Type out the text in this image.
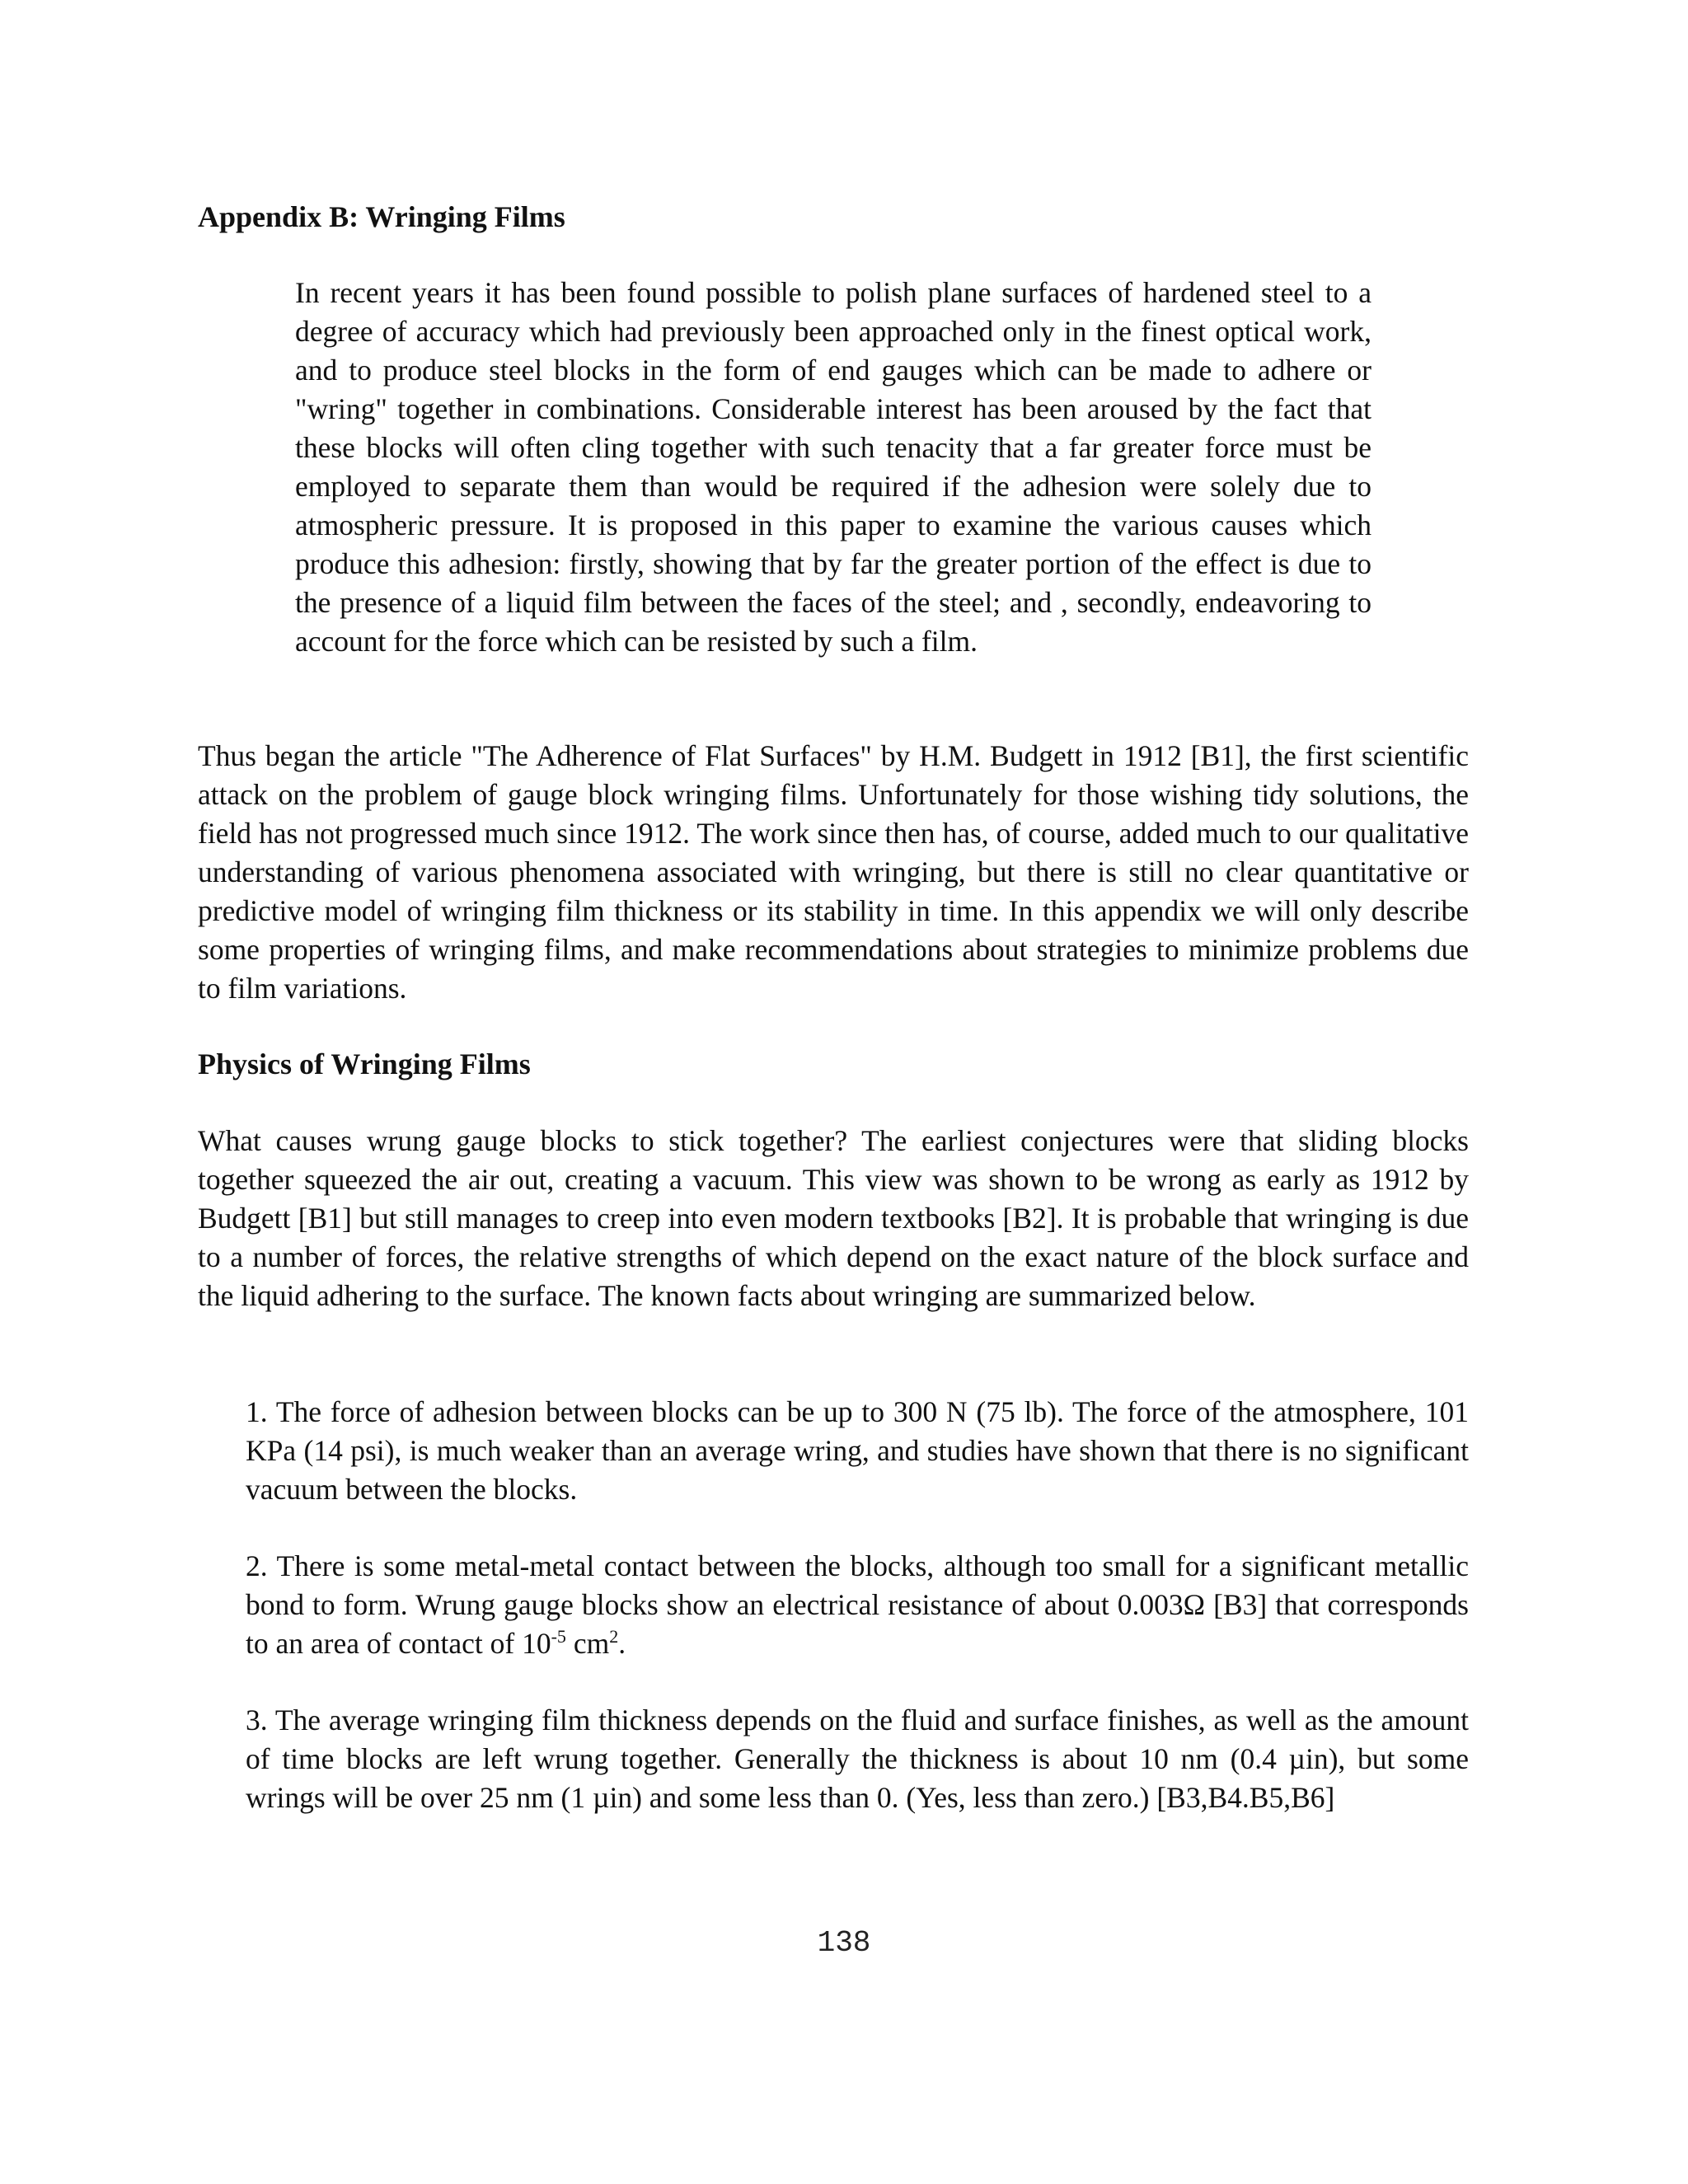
Appendix B: Wringing Films

In recent years it has been found possible to polish plane surfaces of hardened steel to a degree of accuracy which had previously been approached only in the finest optical work, and to produce steel blocks in the form of end gauges which can be made to adhere or "wring" together in combinations. Considerable interest has been aroused by the fact that these blocks will often cling together with such tenacity that a far greater force must be employed to separate them than would be required if the adhesion were solely due to atmospheric pressure. It is proposed in this paper to examine the various causes which produce this adhesion: firstly, showing that by far the greater portion of the effect is due to the presence of a liquid film between the faces of the steel; and , secondly, endeavoring to account for the force which can be resisted by such a film.

Thus began the article "The Adherence of Flat Surfaces" by H.M. Budgett in 1912 [B1], the first scientific attack on the problem of gauge block wringing films. Unfortunately for those wishing tidy solutions, the field has not progressed much since 1912. The work since then has, of course, added much to our qualitative understanding of various phenomena associated with wringing, but there is still no clear quantitative or predictive model of wringing film thickness or its stability in time. In this appendix we will only describe some properties of wringing films, and make recommendations about strategies to minimize problems due to film variations.

Physics of Wringing Films

What causes wrung gauge blocks to stick together? The earliest conjectures were that sliding blocks together squeezed the air out, creating a vacuum. This view was shown to be wrong as early as 1912 by Budgett [B1] but still manages to creep into even modern textbooks [B2]. It is probable that wringing is due to a number of forces, the relative strengths of which depend on the exact nature of the block surface and the liquid adhering to the surface. The known facts about wringing are summarized below.

1. The force of adhesion between blocks can be up to 300 N (75 lb). The force of the atmosphere, 101 KPa (14 psi), is much weaker than an average wring, and studies have shown that there is no significant vacuum between the blocks.

2. There is some metal-metal contact between the blocks, although too small for a significant metallic bond to form. Wrung gauge blocks show an electrical resistance of about 0.003Ω [B3] that corresponds to an area of contact of $10^{-5}$ $cm^2$.

3. The average wringing film thickness depends on the fluid and surface finishes, as well as the amount of time blocks are left wrung together. Generally the thickness is about 10 nm (0.4 µin), but some wrings will be over 25 nm (1 µin) and some less than 0. (Yes, less than zero.) [B3,B4.B5,B6]

138
